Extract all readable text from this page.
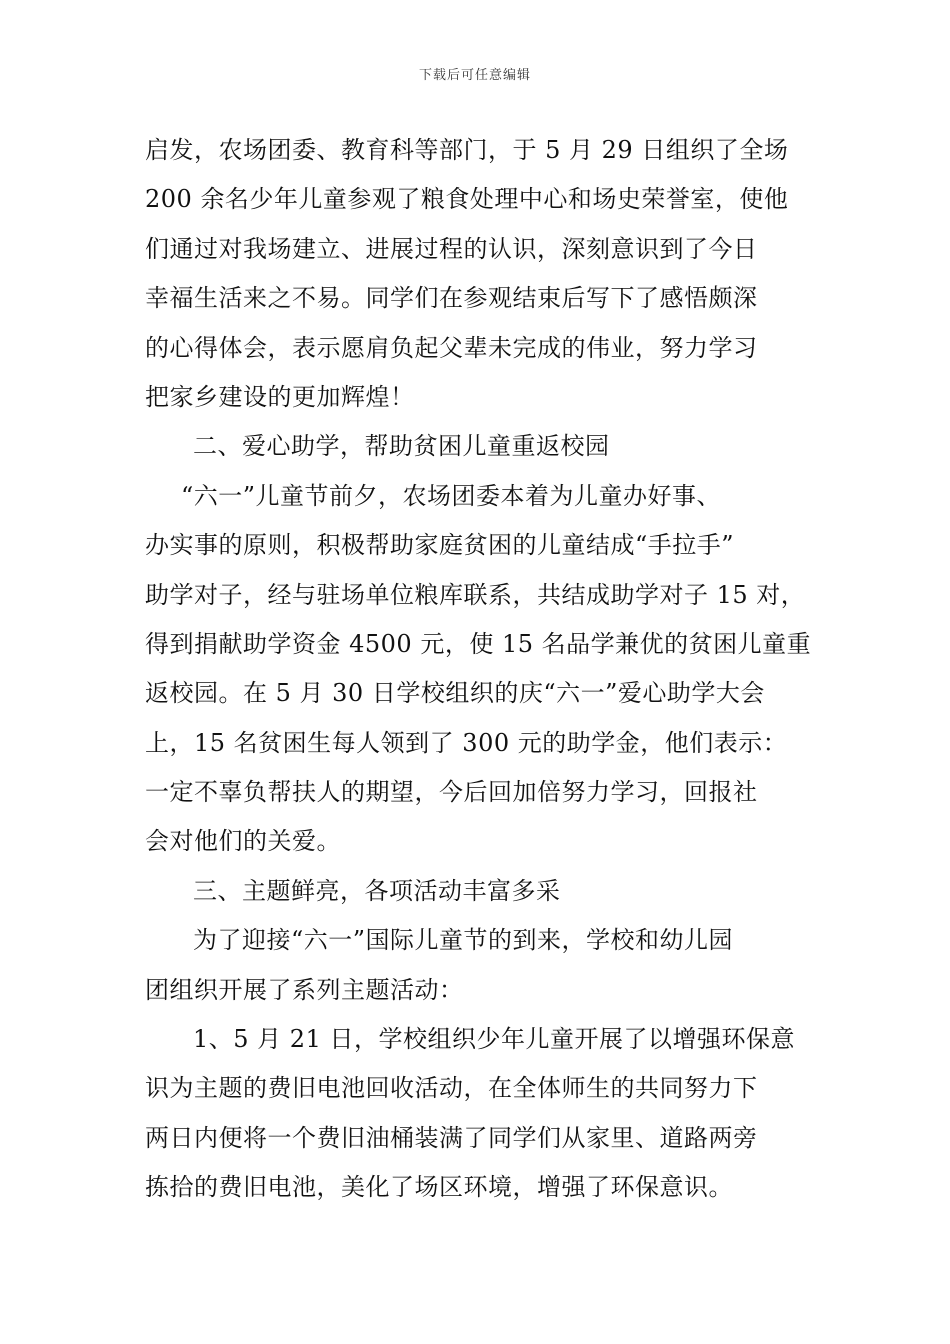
下载后可任意编辑
启发，农场团委、教育科等部门，于 5 月 29 日组织了全场
200 余名少年儿童参观了粮食处理中心和场史荣誉室，使他
们通过对我场建立、进展过程的认识，深刻意识到了今日
幸福生活来之不易。同学们在参观结束后写下了感悟颇深
的心得体会，表示愿肩负起父辈未完成的伟业，努力学习
把家乡建设的更加辉煌！
二、爱心助学，帮助贫困儿童重返校园
“六一”儿童节前夕，农场团委本着为儿童办好事、
办实事的原则，积极帮助家庭贫困的儿童结成“手拉手”
助学对子，经与驻场单位粮库联系，共结成助学对子 15 对，
得到捐献助学资金 4500 元，使 15 名品学兼优的贫困儿童重
返校园。在 5 月 30 日学校组织的庆“六一”爱心助学大会
上，15 名贫困生每人领到了 300 元的助学金，他们表示：
一定不辜负帮扶人的期望，今后回加倍努力学习，回报社
会对他们的关爱。
三、主题鲜亮，各项活动丰富多采
为了迎接“六一”国际儿童节的到来，学校和幼儿园
团组织开展了系列主题活动：
1、5 月 21 日，学校组织少年儿童开展了以增强环保意
识为主题的费旧电池回收活动，在全体师生的共同努力下
两日内便将一个费旧油桶装满了同学们从家里、道路两旁
拣拾的费旧电池，美化了场区环境，增强了环保意识。
